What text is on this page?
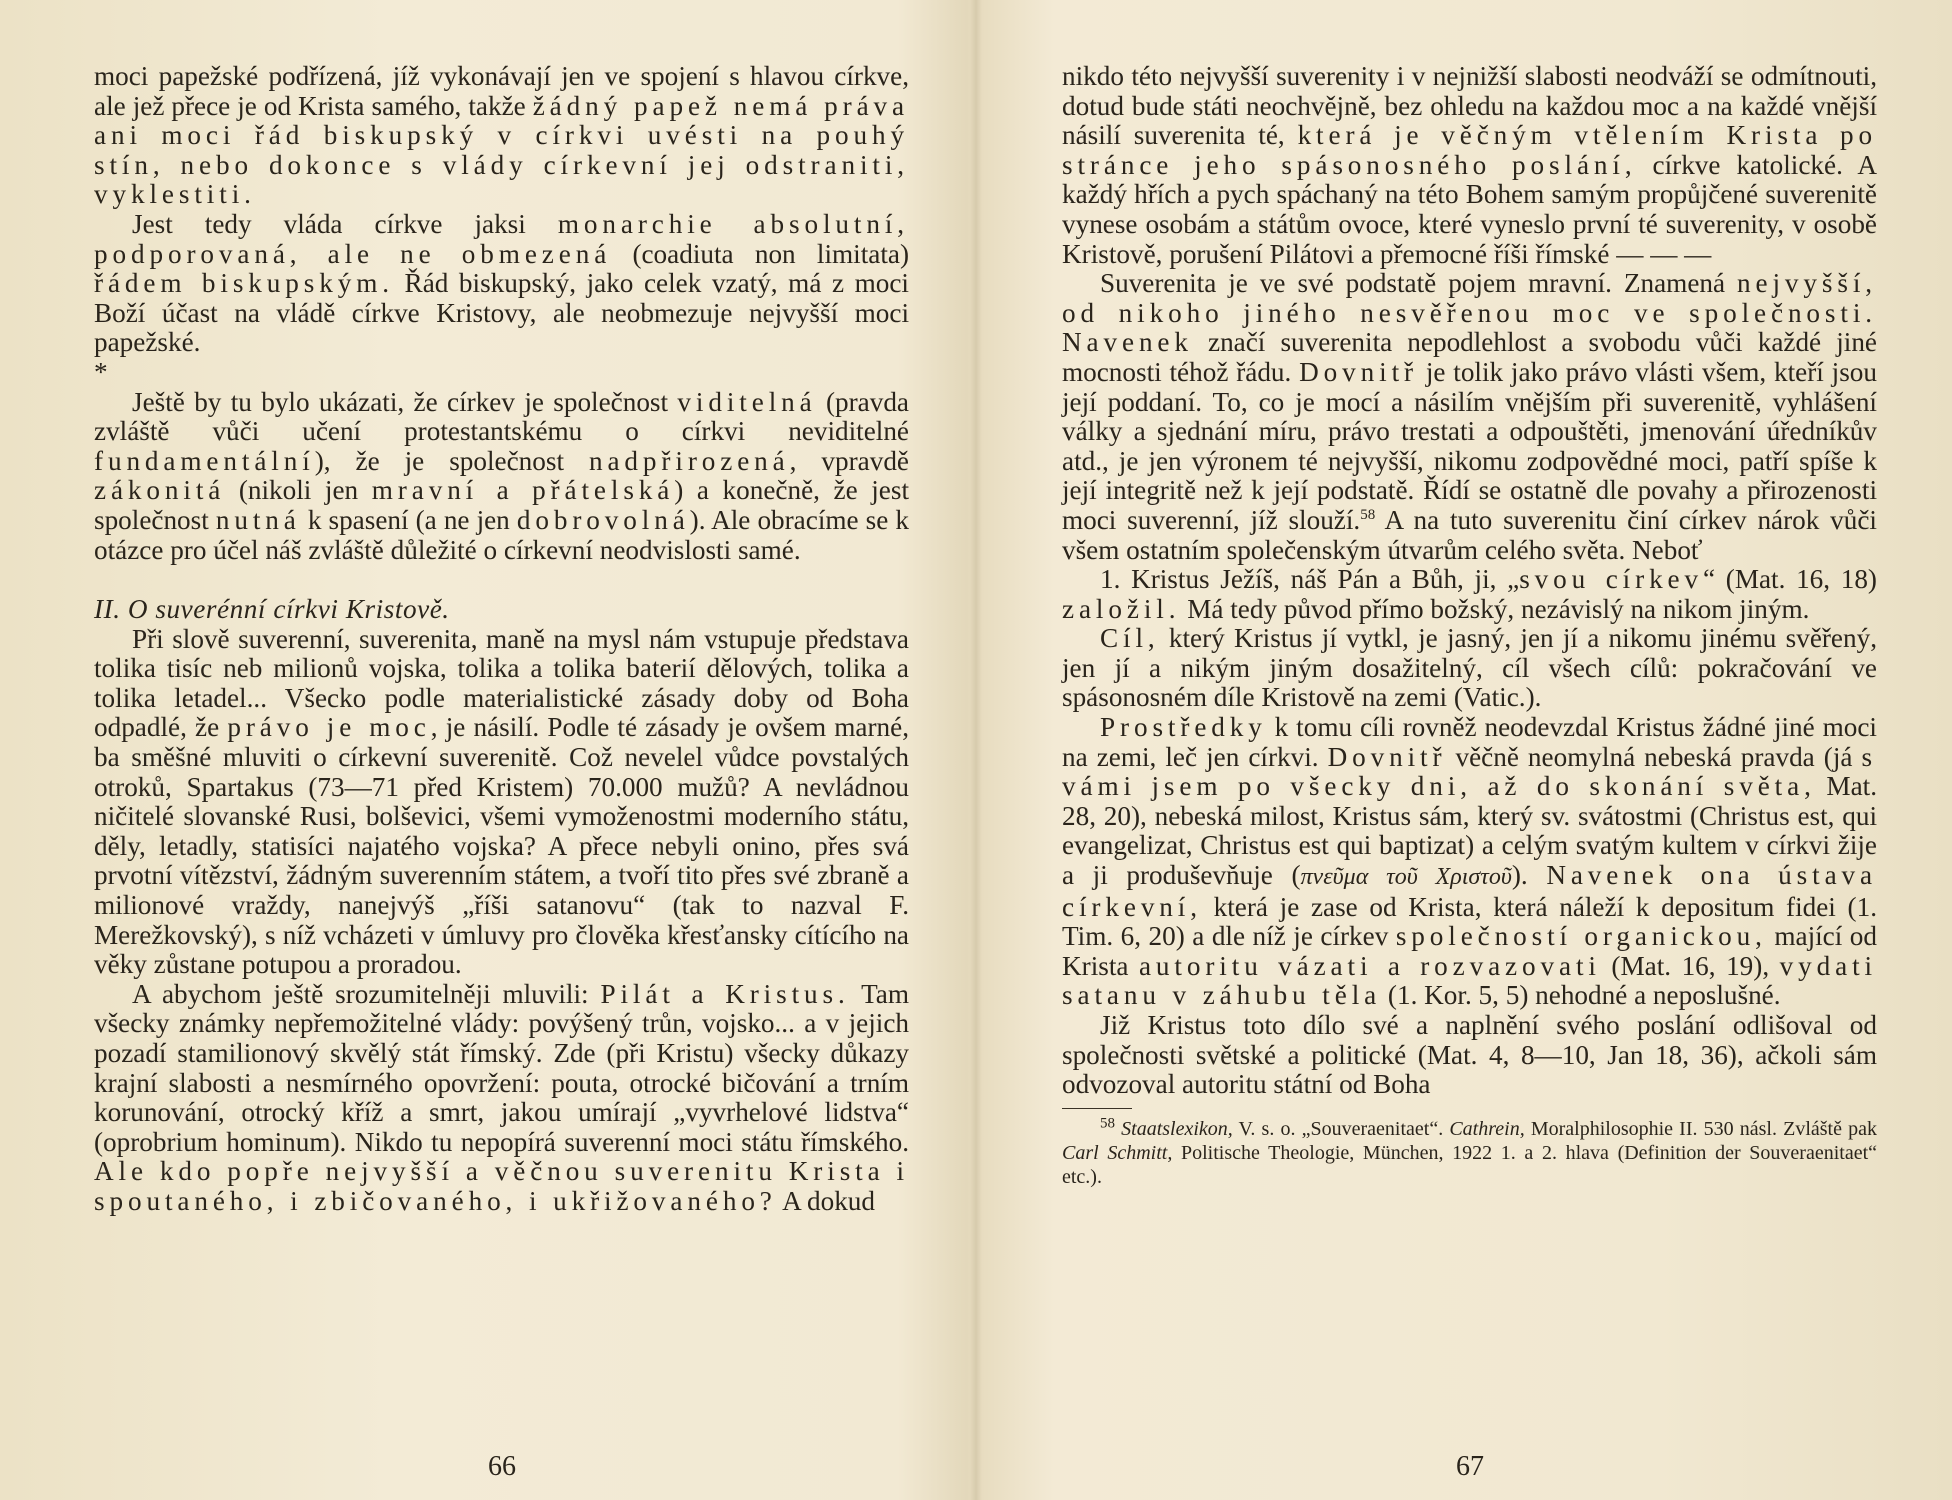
moci papežské podřízená, jíž vykonávají jen ve spojení s hlavou církve, ale jež přece je od Krista samého, takže žádný papež nemá práva ani moci řád biskupský v církvi uvésti na pouhý stín, nebo dokonce s vlády církevní jej odstraniti, vyklestiti.

Jest tedy vláda církve jaksi monarchie absolutní, podporovaná, ale ne obmezená (coadiuta non limitata) řádem biskupským. Řád biskupský, jako celek vzatý, má z moci Boží účast na vládě církve Kristovy, ale neobmezuje nejvyšší moci papežské.

*

Ještě by tu bylo ukázati, že církev je společnost viditelná (pravda zvláště vůči učení protestantskému o církvi neviditelné fundamentální), že je společnost nadpřirozená, vpravdě zákonitá (nikoli jen mravní a přátelská) a konečně, že jest společnost nutná k spasení (a ne jen dobrovolná). Ale obracíme se k otázce pro účel náš zvláště důležité o církevní neodvislosti samé.

II. O suverénní církvi Kristově.

Při slově suverenní, suverenita, maně na mysl nám vstupuje představa tolika tisíc neb milionů vojska, tolika a tolika baterií dělových, tolika a tolika letadel... Všecko podle materialistické zásady doby od Boha odpadlé, že právo je moc, je násilí. Podle té zásady je ovšem marné, ba směšné mluviti o církevní suverenitě. Což nevelel vůdce povstalých otroků, Spartakus (73—71 před Kristem) 70.000 mužů? A nevládnou ničitelé slovanské Rusi, bolševici, všemi vymoženostmi moderního státu, děly, letadly, statisíci najatého vojska? A přece nebyli onino, přes svá prvotní vítězství, žádným suverenním státem, a tvoří tito přes své zbraně a milionové vraždy, nanejvýš „říši satanovu“ (tak to nazval F. Merežkovský), s níž vcházeti v úmluvy pro člověka křesťansky cítícího na věky zůstane potupou a proradou.

A abychom ještě srozumitelněji mluvili: Pilát a Kristus. Tam všecky známky nepřemožitelné vlády: povýšený trůn, vojsko... a v jejich pozadí stamilionový skvělý stát římský. Zde (při Kristu) všecky důkazy krajní slabosti a nesmírného opovržení: pouta, otrocké bičování a trním korunování, otrocký kříž a smrt, jakou umírají „vyvrhelové lidstva“ (oprobrium hominum). Nikdo tu nepopírá suverenní moci státu římského. Ale kdo popře nejvyšší a věčnou suverenitu Krista i spoutaného, i zbičovaného, i ukřižovaného? A dokud

66

nikdo této nejvyšší suverenity i v nejnižší slabosti neodváží se odmítnouti, dotud bude státi neochvějně, bez ohledu na každou moc a na každé vnější násilí suverenita té, která je věčným vtělením Krista po stránce jeho spásonosného poslání, církve katolické. A každý hřích a pych spáchaný na této Bohem samým propůjčené suverenitě vynese osobám a státům ovoce, které vyneslo první té suverenity, v osobě Kristově, porušení Pilátovi a přemocné říši římské — — —

Suverenita je ve své podstatě pojem mravní. Znamená nejvyšší, od nikoho jiného nesvěřenou moc ve společnosti. Navenek značí suverenita nepodlehlost a svobodu vůči každé jiné mocnosti téhož řádu. Dovnitř je tolik jako právo vlásti všem, kteří jsou její poddaní. To, co je mocí a násilím vnějším při suverenitě, vyhlášení války a sjednání míru, právo trestati a odpouštěti, jmenování úředníkův atd., je jen výronem té nejvyšší, nikomu zodpovědné moci, patří spíše k její integritě než k její podstatě. Řídí se ostatně dle povahy a přirozenosti moci suverenní, jíž slouží.$^{58}$ A na tuto suverenitu činí církev nárok vůči všem ostatním společenským útvarům celého světa. Neboť

1. Kristus Ježíš, náš Pán a Bůh, ji, „svou církev“ (Mat. 16, 18) založil. Má tedy původ přímo božský, nezávislý na nikom jiným.

Cíl, který Kristus jí vytkl, je jasný, jen jí a nikomu jinému svěřený, jen jí a nikým jiným dosažitelný, cíl všech cílů: pokračování ve spásonosném díle Kristově na zemi (Vatic.).

Prostředky k tomu cíli rovněž neodevzdal Kristus žádné jiné moci na zemi, leč jen církvi. Dovnitř věčně neomylná nebeská pravda (já s vámi jsem po všecky dni, až do skonání světa, Mat. 28, 20), nebeská milost, Kristus sám, který sv. svátostmi (Christus est, qui evangelizat, Christus est qui baptizat) a celým svatým kultem v církvi žije a ji produševňuje (πνεῦμα τοῦ Χριστοῦ). Navenek ona ústava církevní, která je zase od Krista, která náleží k depositum fidei (1. Tim. 6, 20) a dle níž je církev společností organickou, mající od Krista autoritu vázati a rozvazovati (Mat. 16, 19), vydati satanu v záhubu těla (1. Kor. 5, 5) nehodné a neposlušné.

Již Kristus toto dílo své a naplnění svého poslání odlišoval od společnosti světské a politické (Mat. 4, 8—10, Jan 18, 36), ačkoli sám odvozoval autoritu státní od Boha

$^{58}$ Staatslexikon, V. s. o. „Souveraenitaet“. Cathrein, Moralphilosophie II. 530 násl. Zvláště pak Carl Schmitt, Politische Theologie, München, 1922 1. a 2. hlava (Definition der Souveraenitaet“ etc.).

67
